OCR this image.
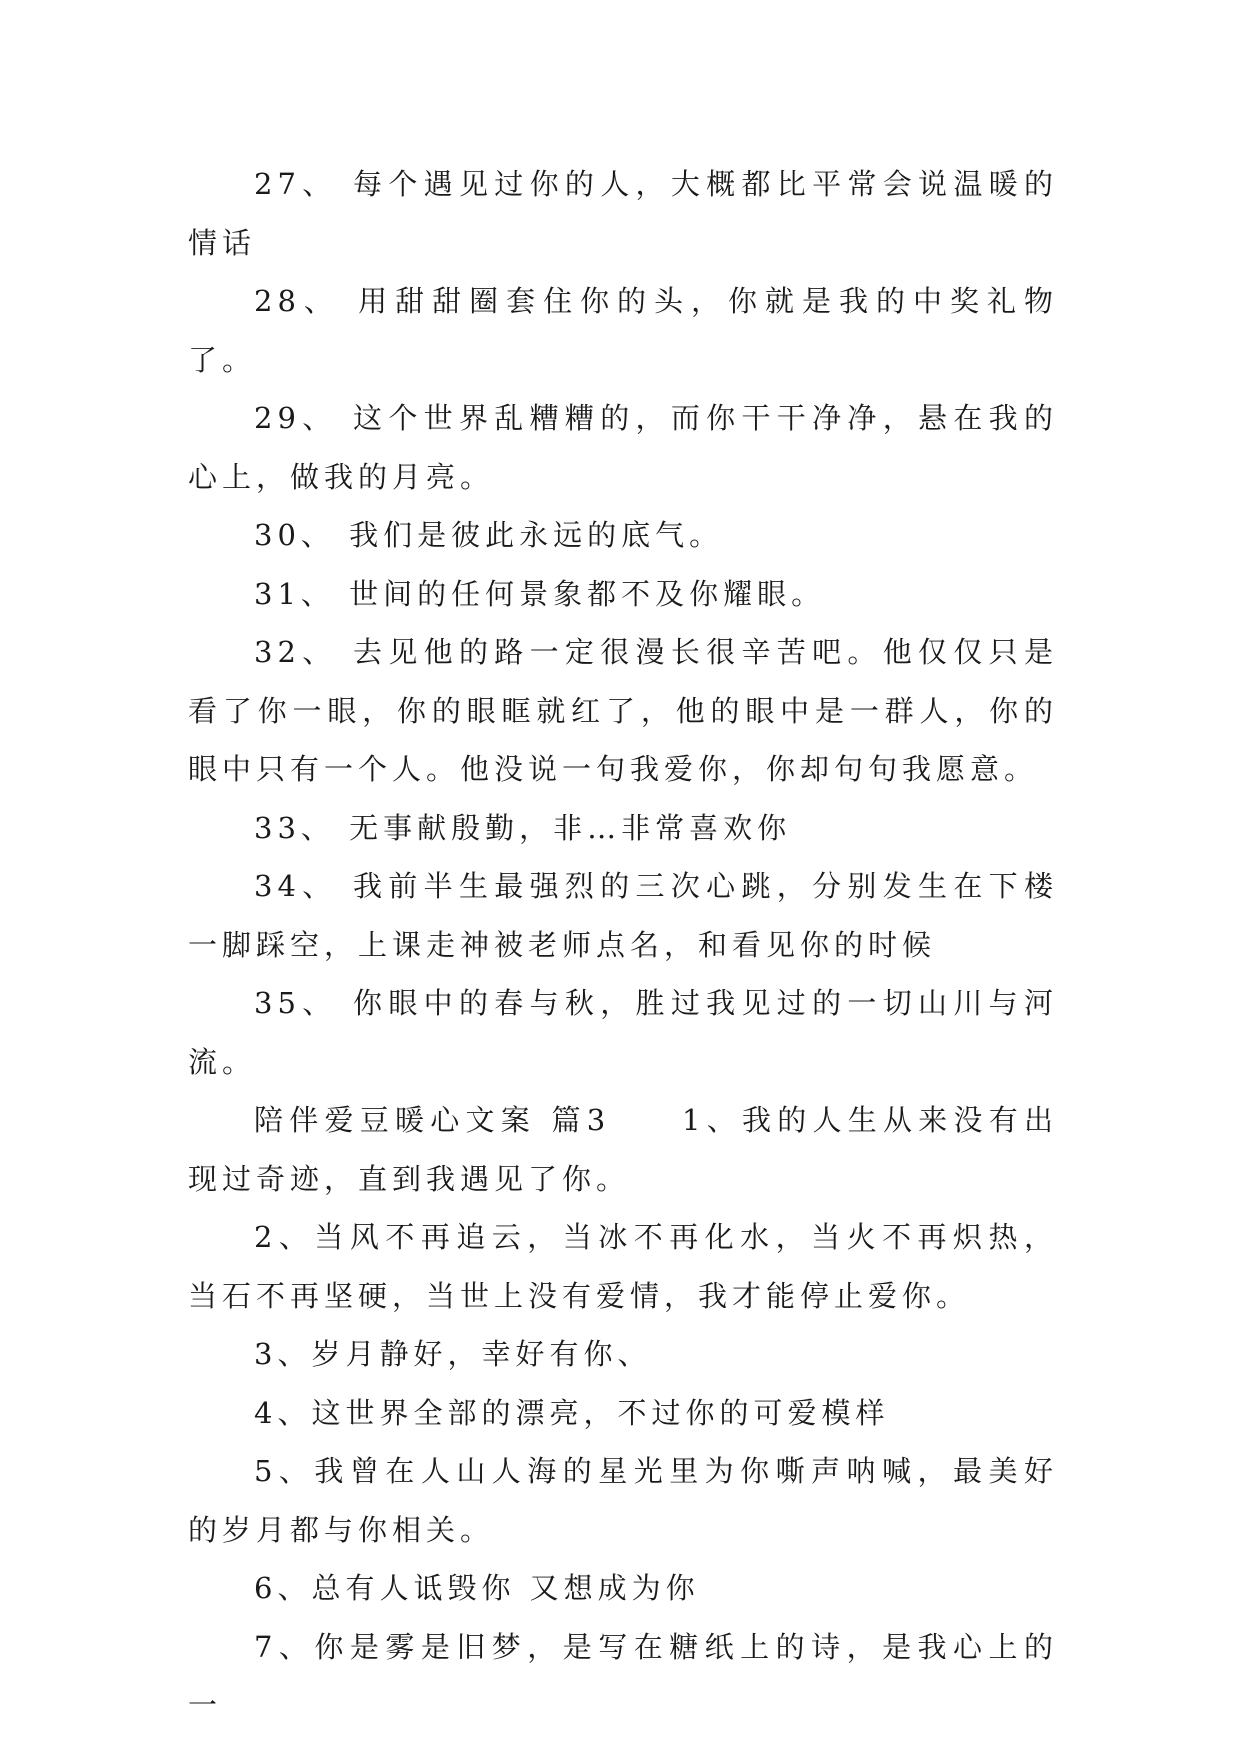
27、 每个遇见过你的人，大概都比平常会说温暖的情话

28、 用甜甜圈套住你的头，你就是我的中奖礼物了。

29、 这个世界乱糟糟的，而你干干净净，悬在我的心上，做我的月亮。

30、 我们是彼此永远的底气。

31、 世间的任何景象都不及你耀眼。

32、 去见他的路一定很漫长很辛苦吧。他仅仅只是看了你一眼，你的眼眶就红了，他的眼中是一群人，你的眼中只有一个人。他没说一句我爱你，你却句句我愿意。

33、 无事献殷勤，非…非常喜欢你

34、 我前半生最强烈的三次心跳，分别发生在下楼一脚踩空，上课走神被老师点名，和看见你的时候

35、 你眼中的春与秋，胜过我见过的一切山川与河流。

陪伴爱豆暖心文案 篇3　　1、我的人生从来没有出现过奇迹，直到我遇见了你。

2、当风不再追云，当冰不再化水，当火不再炽热，当石不再坚硬，当世上没有爱情，我才能停止爱你。

3、岁月静好，幸好有你、

4、这世界全部的漂亮，不过你的可爱模样

5、我曾在人山人海的星光里为你嘶声呐喊，最美好的岁月都与你相关。

6、总有人诋毁你 又想成为你

7、你是雾是旧梦，是写在糖纸上的诗，是我心上的一
